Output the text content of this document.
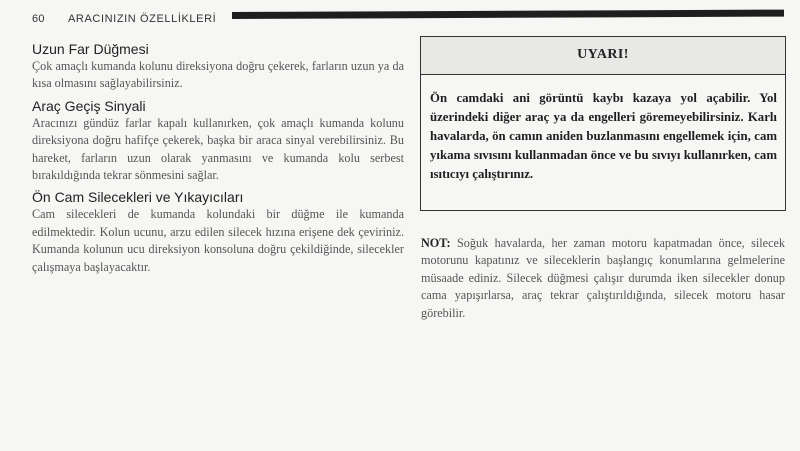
60 ARACINIZIN ÖZELLİKLERİ
Uzun Far Düğmesi

Çok amaçlı kumanda kolunu direksiyona doğru çekerek, farların uzun ya da kısa olmasını sağlayabilirsiniz.

Araç Geçiş Sinyali

Aracınızı gündüz farlar kapalı kullanırken, çok amaçlı kumanda kolunu direksiyona doğru hafifçe çekerek, başka bir araca sinyal verebilirsiniz. Bu hareket, farların uzun olarak yanmasını ve kumanda kolu serbest bırakıldığında tekrar sönmesini sağlar.

Ön Cam Silecekleri ve Yıkayıcıları

Cam silecekleri de kumanda kolundaki bir düğme ile kumanda edilmektedir. Kolun ucunu, arzu edilen silecek hızına erişene dek çeviriniz. Kumanda kolunun ucu direksiyon konsoluna doğru çekildiğinde, silecekler çalışmaya başlayacaktır.

UYARI!

Ön camdaki ani görüntü kaybı kazaya yol açabilir. Yol üzerindeki diğer araç ya da engelleri göremeyebilirsiniz. Karlı havalarda, ön camın aniden buzlanmasını engellemek için, cam yıkama sıvısını kullanmadan önce ve bu sıvıyı kullanırken, cam ısıtıcıyı çalıştırınız.

NOT: Soğuk havalarda, her zaman motoru kapatmadan önce, silecek motorunu kapatınız ve sileceklerin başlangıç konumlarına gelmelerine müsaade ediniz. Silecek düğmesi çalışır durumda iken silecekler donup cama yapışırlarsa, araç tekrar çalıştırıldığında, silecek motoru hasar görebilir.
